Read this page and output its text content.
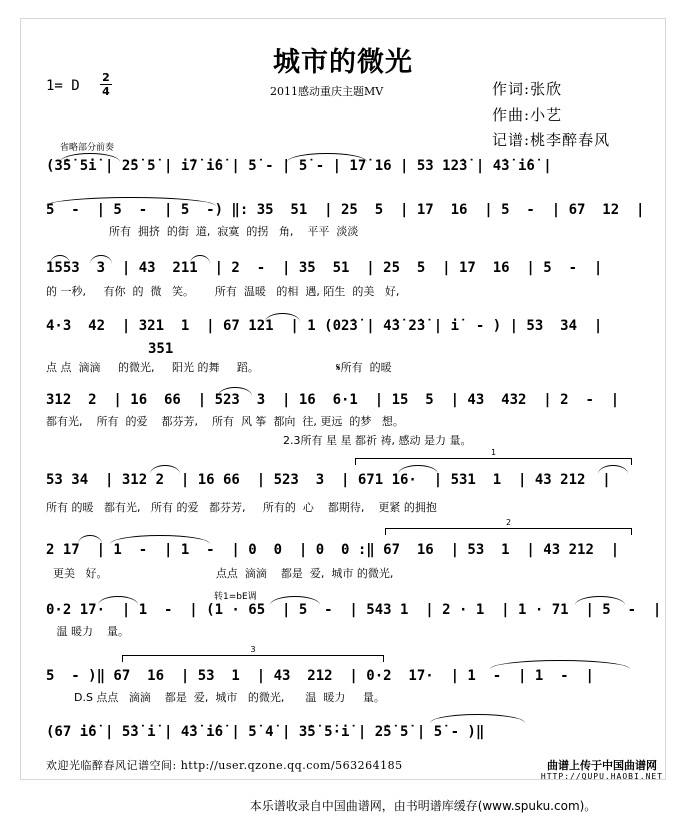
城市的微光
2011感动重庆主题MV
1= D
2
4	作词:张欣
作曲:小艺
记谱:桃李醉春风
省略部分前奏
(3̇5̇ 5̇i̇ | 2̇5̇ 5̇ | i̇7̇ i̇6̇ | 5̇ - | 5̇ - | 17̇ 16 | 53 12̇3̇ | 4̇3̇ i̇6̇ |
5  -  | 5  -  | 5  -) ‖: 35  51  | 25  5  | 17  16  | 5  -  | 67  12  |
所有  拥挤  的街  道,  寂寞  的拐   角,    平平  淡淡
1553  3  | 43  211  | 2  -  | 35  51  | 25  5  | 17  16  | 5  -  |
的 一秒,     有你  的  微   笑。      所有  温暖   的相  遇, 陌生  的美   好,
4·3  42  | 321  1  | 67 121  | 1 (02̇3̇ | 4̇3̇ 2̇3̇ | i̇  - ) | 53  34  |
351
点 点  滴滴     的微光,     阳光 的舞     蹈。                      𝄋所有  的暖
312  2  | 16  66  | 523  3  | 16  6·1  | 15  5  | 43  432  | 2  -  |
都有光,    所有  的爱    都芬芳,    所有  风 筝  都向  往, 更远  的梦   想。
2.3所有 星 星 都祈 祷, 感动 是力 量。
1
53 34  | 312 2  | 16 66  | 523  3  | 671 16·  | 531  1  | 43 212  |
所有 的暖   都有光,   所有 的爱   都芬芳,     所有的  心    都期待,    更紧 的拥抱
2
2 17  | 1  -  | 1  -  | 0  0  | 0  0 :‖ 67  16  | 53  1  | 43 212  |
更美   好。                               点点  滴滴    都是  爱,  城市 的微光,
转1=bE调
0·2 17·  | 1  -  | (1 · 65  | 5  -  | 543 1  | 2 · 1  | 1 · 71  | 5  -  |
温 暖力    量。
3
5  - )‖ 67  16  | 53  1  | 43  212  | 0·2  17·  | 1  -  | 1  -  |
D.S 点点   滴滴    都是  爱,  城市   的微光,      温  暖力     量。
(67 i̇6̇ | 5̇3̇ i̇ | 4̇3̇ i̇6̇ | 5̇ 4̇ | 3̇5̇ 5̇·i̇ | 2̇5̇ 5̇ | 5̇ - )‖
欢迎光临醉春风记谱空间: http://user.qzone.qq.com/563264185	曲谱上传于中国曲谱网
HTTP://QUPU.HAOBI.NET
本乐谱收录自中国曲谱网，由书明谱库缓存(www.spuku.com)。
